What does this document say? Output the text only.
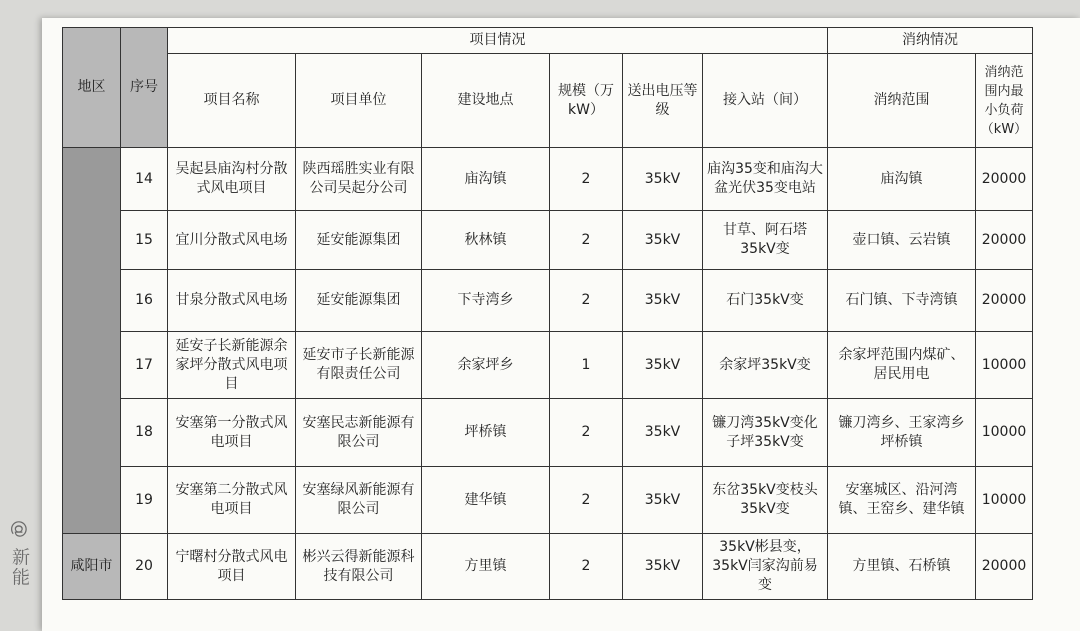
@ 新能
地区	序号	项目情况						消纳情况	
		项目名称	项目单位	建设地点	规模（万 kW）	送出电压等级	接入站（间）	消纳范围	消纳范围内最小负荷（kW）
	14	吴起县庙沟村分散式风电项目	陕西瑶胜实业有限公司吴起分公司	庙沟镇	2	35kV	庙沟35变和庙沟大盆光伏35变电站	庙沟镇	20000
	15	宜川分散式风电场	延安能源集团	秋林镇	2	35kV	甘草、阿石塔35kV变	壶口镇、云岩镇	20000
	16	甘泉分散式风电场	延安能源集团	下寺湾乡	2	35kV	石门35kV变	石门镇、下寺湾镇	20000
	17	延安子长新能源余家坪分散式风电项目	延安市子长新能源有限责任公司	余家坪乡	1	35kV	余家坪35kV变	余家坪范围内煤矿、居民用电	10000
	18	安塞第一分散式风电项目	安塞民志新能源有限公司	坪桥镇	2	35kV	镰刀湾35kV变化子坪35kV变	镰刀湾乡、王家湾乡坪桥镇	10000
	19	安塞第二分散式风电项目	安塞绿风新能源有限公司	建华镇	2	35kV	东岔35kV变枝头35kV变	安塞城区、沿河湾镇、王窑乡、建华镇	10000
咸阳市	20	宁曙村分散式风电项目	彬兴云得新能源科技有限公司	方里镇	2	35kV	35kV彬县变，35kV闫家沟前易变	方里镇、石桥镇	20000
